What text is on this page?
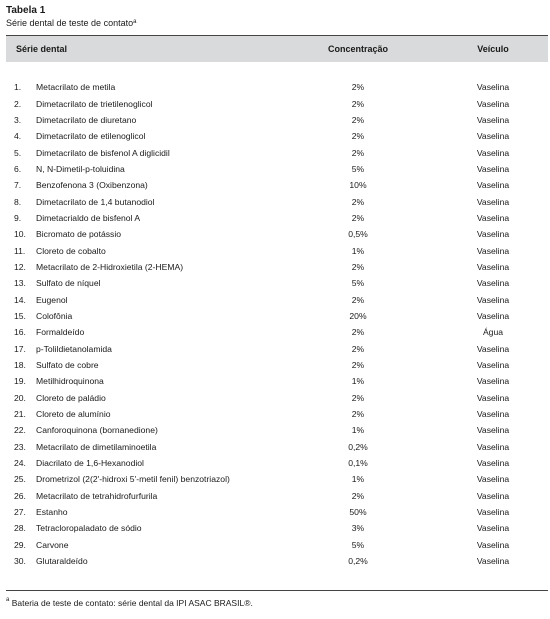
Tabela 1
Série dental de teste de contato$^a$
Série dental	Concentração	Veículo
1.	Metacrilato de metila	2%	Vaselina
2.	Dimetacrilato de trietilenoglicol	2%	Vaselina
3.	Dimetacrilato de diuretano	2%	Vaselina
4.	Dimetacrilato de etilenoglicol	2%	Vaselina
5.	Dimetacrilato de bisfenol A diglicidil	2%	Vaselina
6.	N, N-Dimetil-p-toluidina	5%	Vaselina
7.	Benzofenona 3 (Oxibenzona)	10%	Vaselina
8.	Dimetacrilato de 1,4 butanodiol	2%	Vaselina
9.	Dimetacrialdo de bisfenol A	2%	Vaselina
10.	Bicromato de potássio	0,5%	Vaselina
11.	Cloreto de cobalto	1%	Vaselina
12.	Metacrilato de 2-Hidroxietila (2-HEMA)	2%	Vaselina
13.	Sulfato de níquel	5%	Vaselina
14.	Eugenol	2%	Vaselina
15.	Colofônia	20%	Vaselina
16.	Formaldeído	2%	Água
17.	p-Tolildietanolamida	2%	Vaselina
18.	Sulfato de cobre	2%	Vaselina
19.	Metilhidroquinona	1%	Vaselina
20.	Cloreto de paládio	2%	Vaselina
21.	Cloreto de alumínio	2%	Vaselina
22.	Canforoquinona (bornanedione)	1%	Vaselina
23.	Metacrilato de dimetilaminoetila	0,2%	Vaselina
24.	Diacrilato de 1,6-Hexanodiol	0,1%	Vaselina
25.	Drometrizol (2(2'-hidroxi 5'-metil fenil) benzotriazol)	1%	Vaselina
26.	Metacrilato de tetrahidrofurfurila	2%	Vaselina
27.	Estanho	50%	Vaselina
28.	Tetracloropaladato de sódio	3%	Vaselina
29.	Carvone	5%	Vaselina
30.	Glutaraldeído	0,2%	Vaselina
$^a$ Bateria de teste de contato: série dental da IPI ASAC BRASIL®.
